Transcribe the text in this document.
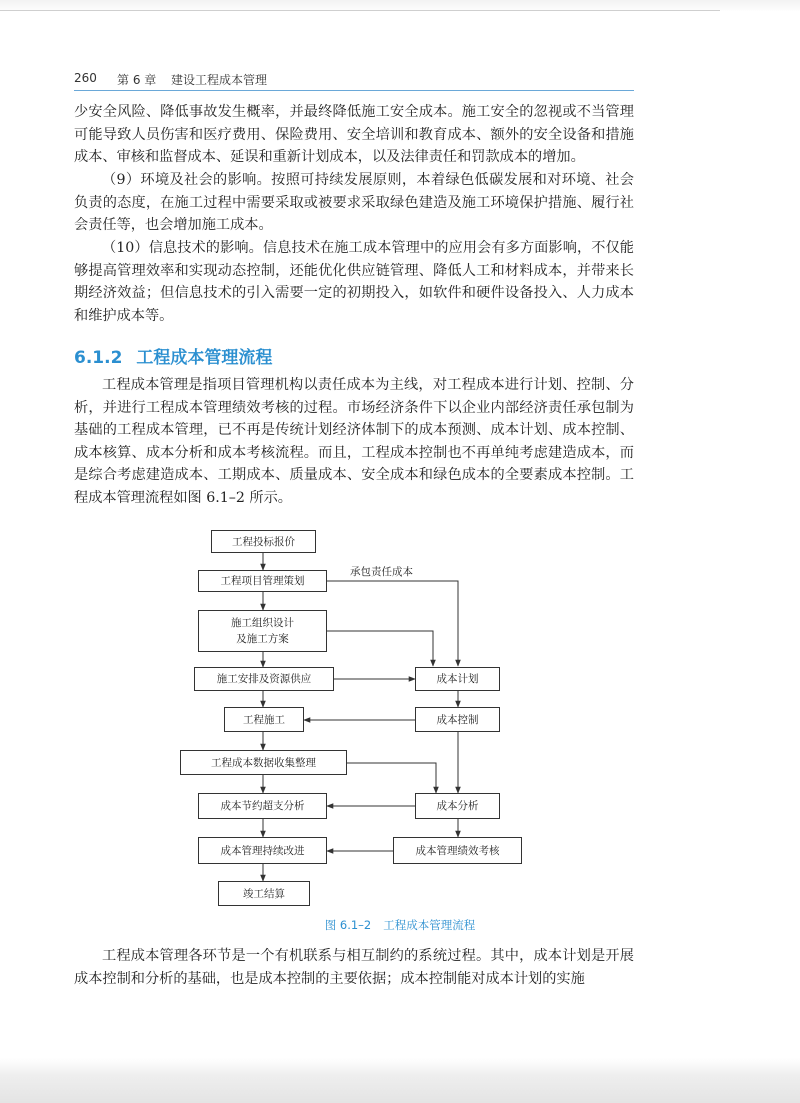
260 第 6 章 建设工程成本管理

少安全风险、降低事故发生概率，并最终降低施工安全成本。施工安全的忽视或不当管理可能导致人员伤害和医疗费用、保险费用、安全培训和教育成本、额外的安全设备和措施成本、审核和监督成本、延误和重新计划成本，以及法律责任和罚款成本的增加。

（9）环境及社会的影响。按照可持续发展原则，本着绿色低碳发展和对环境、社会负责的态度，在施工过程中需要采取或被要求采取绿色建造及施工环境保护措施、履行社会责任等，也会增加施工成本。

（10）信息技术的影响。信息技术在施工成本管理中的应用会有多方面影响，不仅能够提高管理效率和实现动态控制，还能优化供应链管理、降低人工和材料成本，并带来长期经济效益；但信息技术的引入需要一定的初期投入，如软件和硬件设备投入、人力成本和维护成本等。

6.1.2 工程成本管理流程

工程成本管理是指项目管理机构以责任成本为主线，对工程成本进行计划、控制、分析，并进行工程成本管理绩效考核的过程。市场经济条件下以企业内部经济责任承包制为基础的工程成本管理，已不再是传统计划经济体制下的成本预测、成本计划、成本控制、成本核算、成本分析和成本考核流程。而且，工程成本控制也不再单纯考虑建造成本，而是综合考虑建造成本、工期成本、质量成本、安全成本和绿色成本的全要素成本控制。工程成本管理流程如图 6.1–2 所示。

工程投标报价
工程项目管理策划
承包责任成本
施工组织设计
及施工方案
施工安排及资源供应	成本计划
工程施工	成本控制
工程成本数据收集整理
成本节约超支分析	成本分析
成本管理持续改进	成本管理绩效考核
竣工结算
图 6.1–2 工程成本管理流程

工程成本管理各环节是一个有机联系与相互制约的系统过程。其中，成本计划是开展成本控制和分析的基础，也是成本控制的主要依据；成本控制能对成本计划的实施
